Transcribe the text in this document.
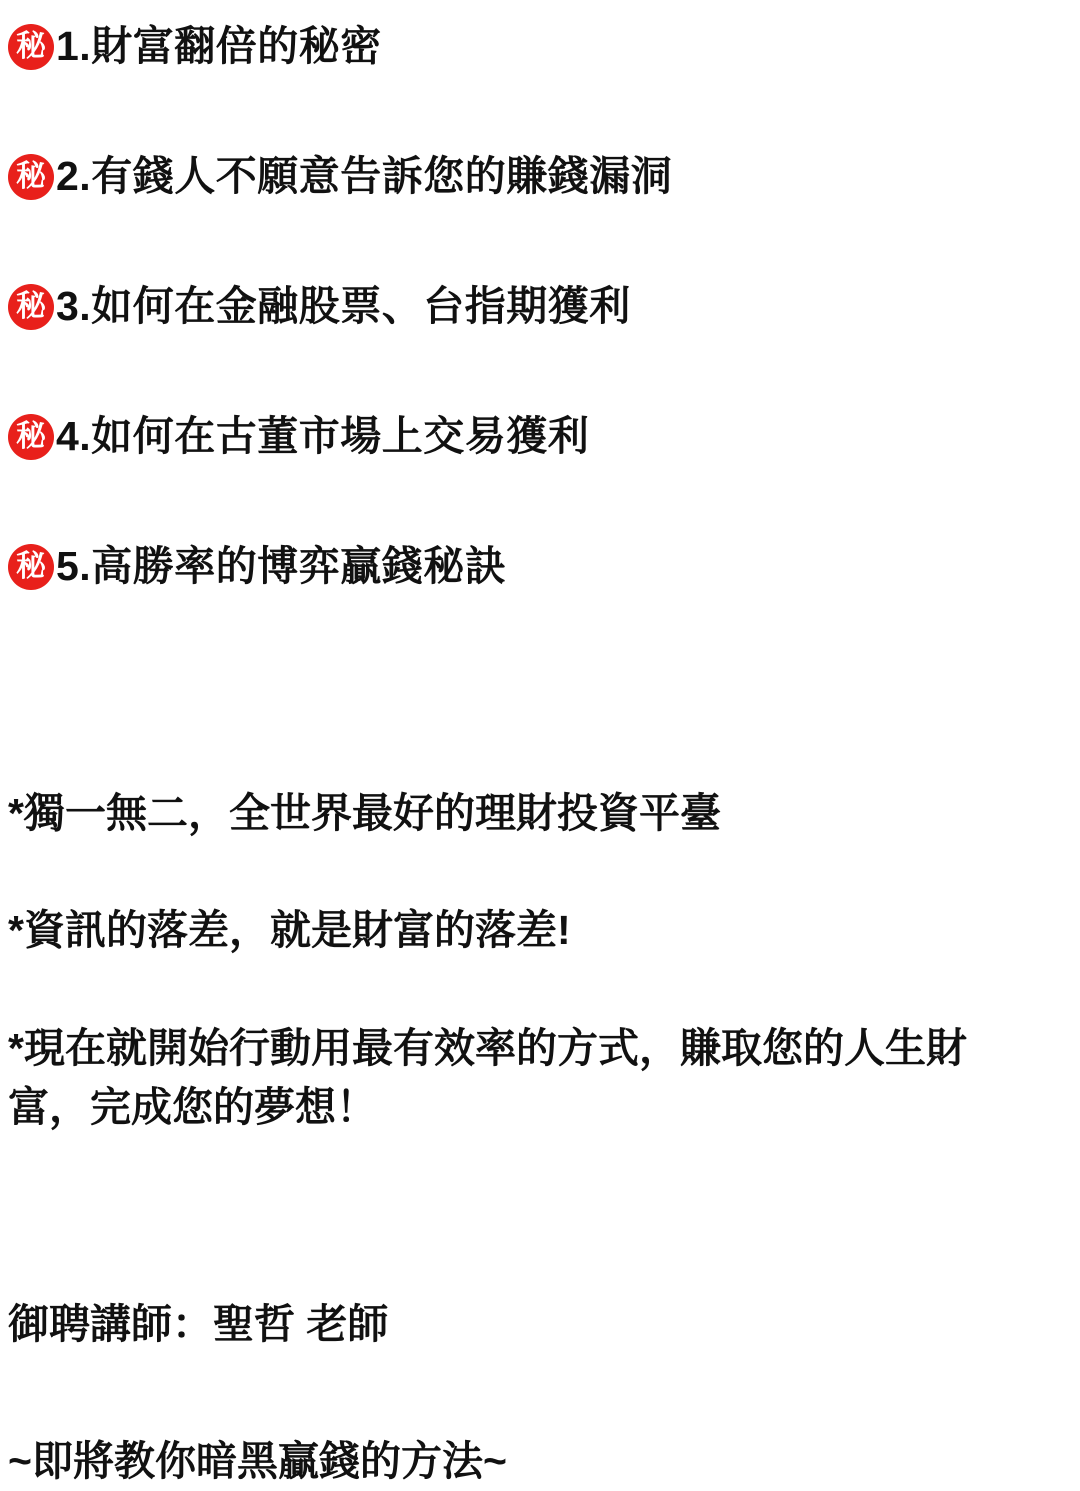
秘 1. 財富翻倍的秘密
秘 2. 有錢人不願意告訴您的賺錢漏洞
秘 3. 如何在金融股票、台指期獲利
秘 4. 如何在古董市場上交易獲利
秘 5. 高勝率的博弈贏錢秘訣
*獨一無二，全世界最好的理財投資平臺
*資訊的落差，就是財富的落差!
*現在就開始行動用最有效率的方式，賺取您的人生財富，完成您的夢想！
御聘講師：聖哲 老師
~即將教你暗黑贏錢的方法~
